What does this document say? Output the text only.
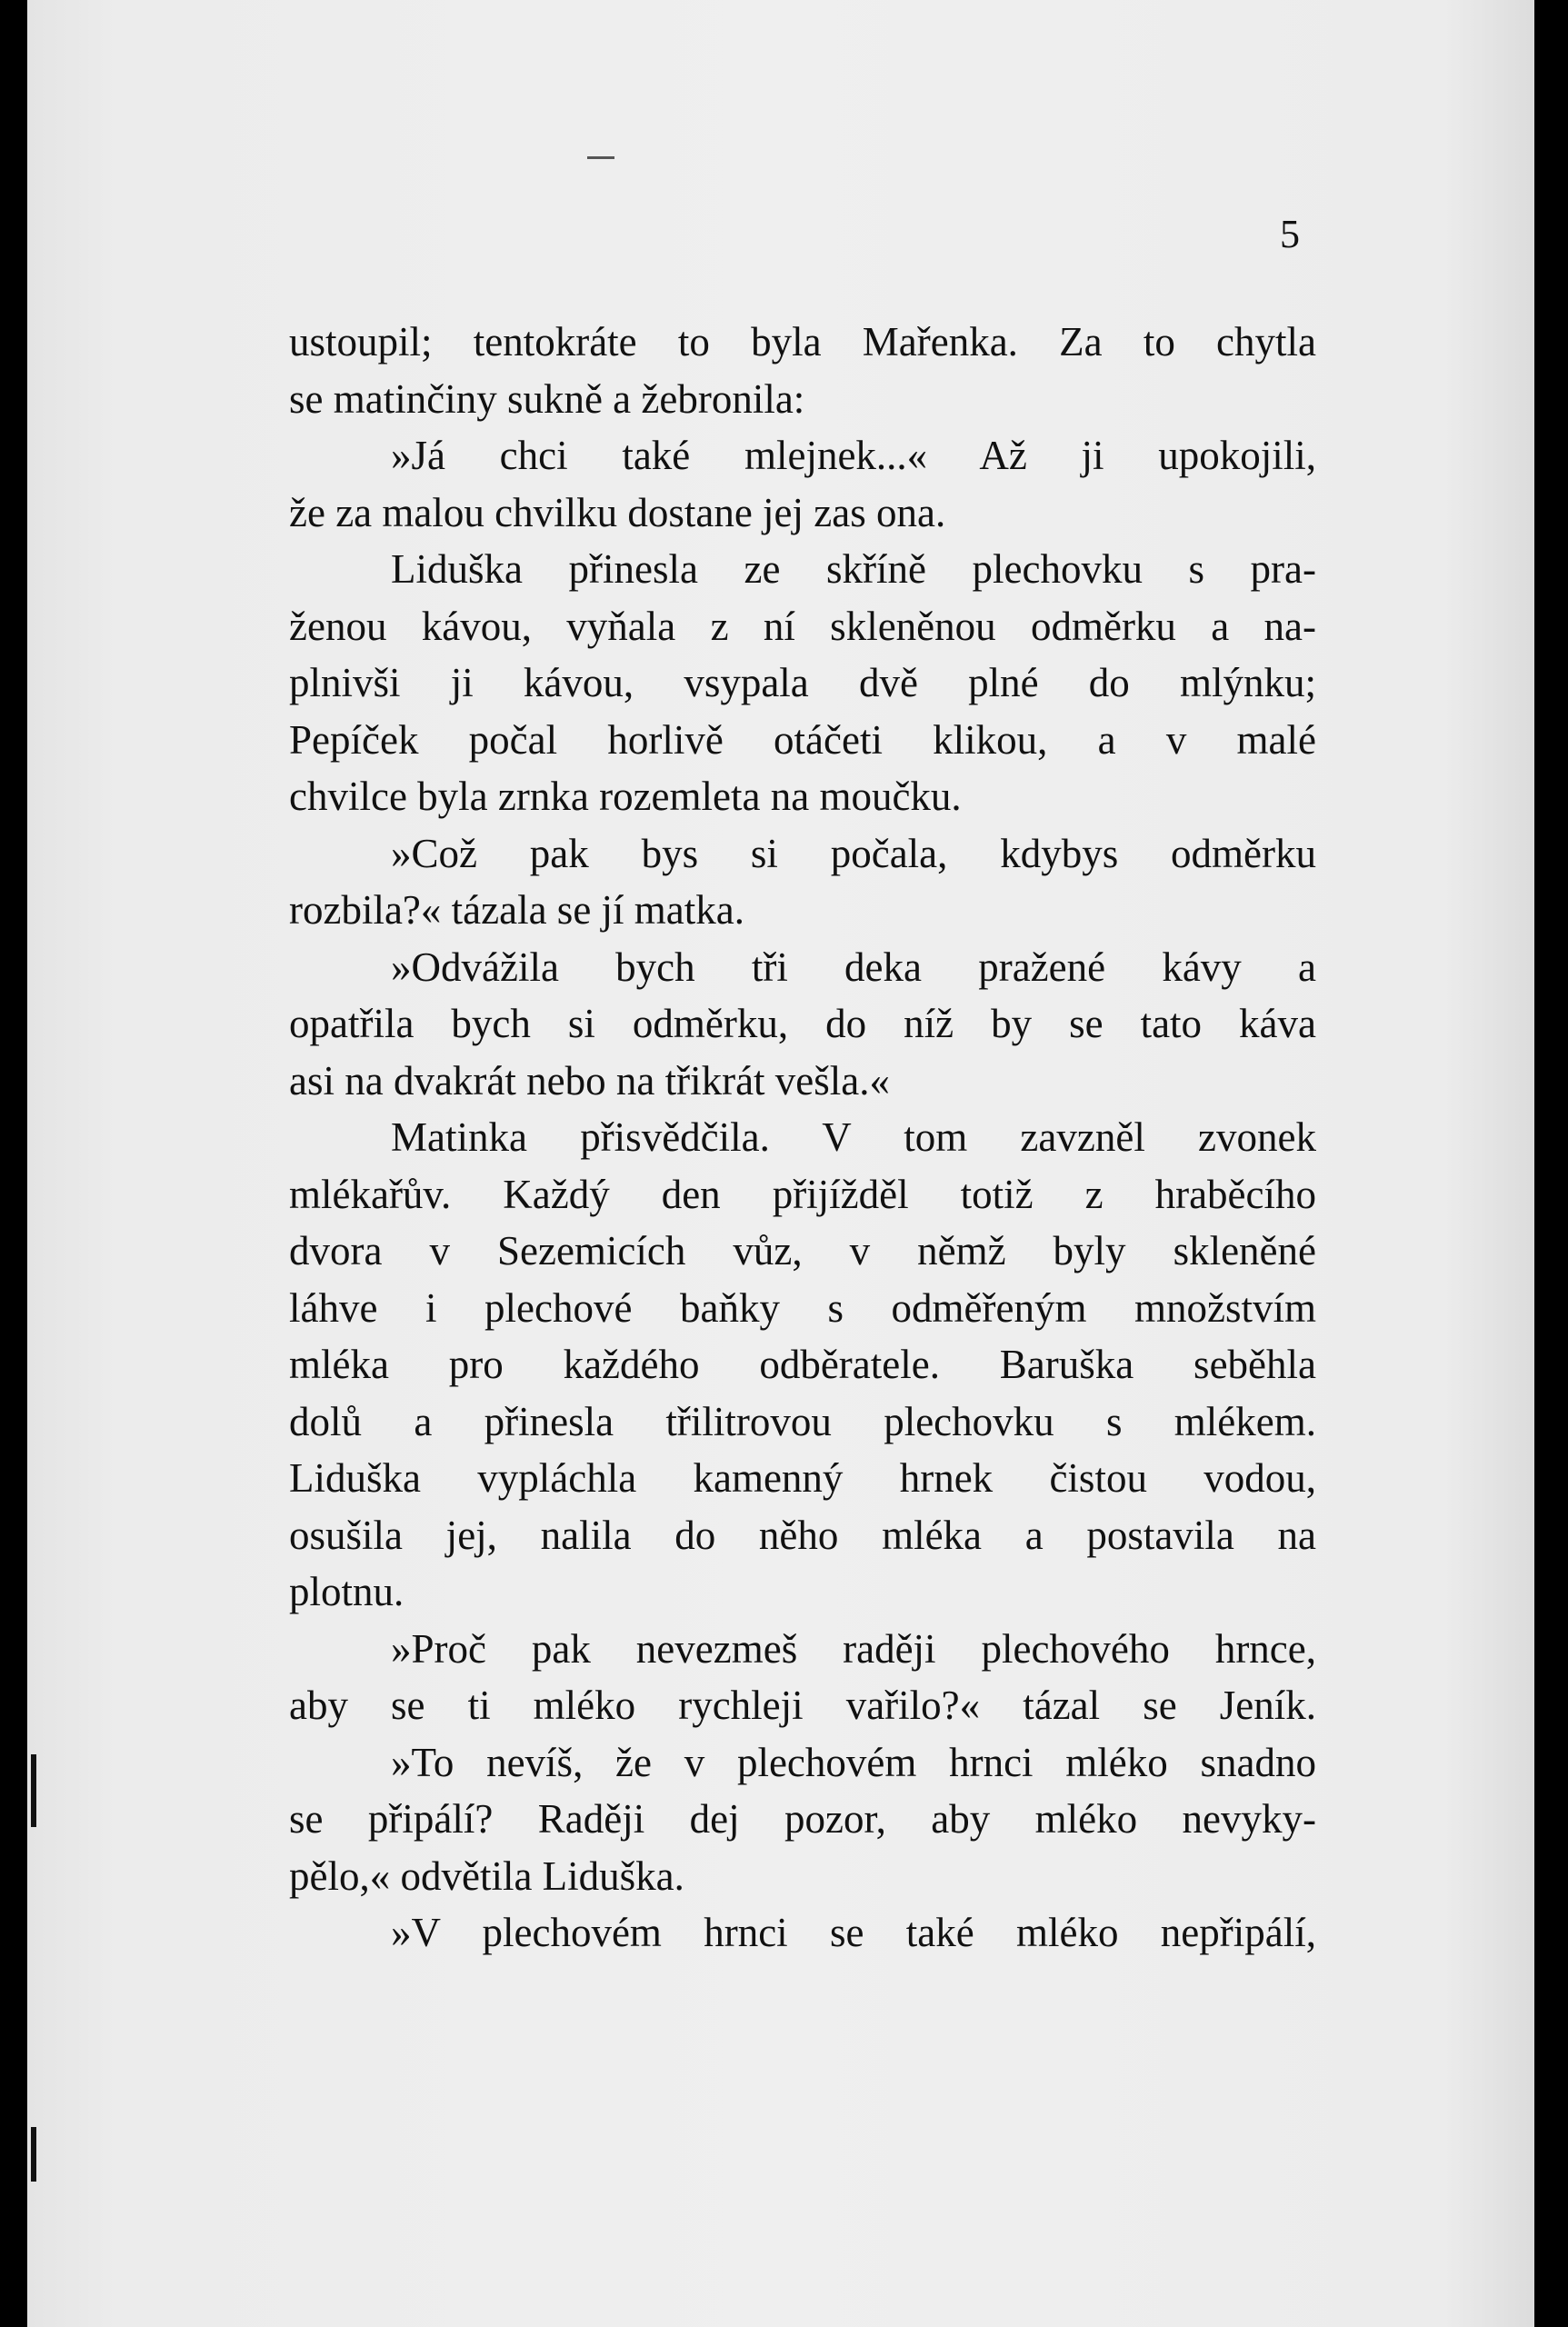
5
ustoupil; tentokráte to byla Mařenka. Za to chytla
se matinčiny sukně a žebronila:
»Já chci také mlejnek...« Až ji upokojili,
že za malou chvilku dostane jej zas ona.
Liduška přinesla ze skříně plechovku s pra-
ženou kávou, vyňala z ní skleněnou odměrku a na-
plnivši ji kávou, vsypala dvě plné do mlýnku;
Pepíček počal horlivě otáčeti klikou, a v malé
chvilce byla zrnka rozemleta na moučku.
»Což pak bys si počala, kdybys odměrku
rozbila?« tázala se jí matka.
»Odvážila bych tři deka pražené kávy a
opatřila bych si odměrku, do níž by se tato káva
asi na dvakrát nebo na třikrát vešla.«
Matinka přisvědčila. V tom zavzněl zvonek
mlékařův. Každý den přijížděl totiž z hraběcího
dvora v Sezemicích vůz, v němž byly skleněné
láhve i plechové baňky s odměřeným množstvím
mléka pro každého odběratele. Baruška seběhla
dolů a přinesla třilitrovou plechovku s mlékem.
Liduška vypláchla kamenný hrnek čistou vodou,
osušila jej, nalila do něho mléka a postavila na
plotnu.
»Proč pak nevezmeš raději plechového hrnce,
aby se ti mléko rychleji vařilo?« tázal se Jeník.
»To nevíš, že v plechovém hrnci mléko snadno
se připálí? Raději dej pozor, aby mléko nevyky-
pělo,« odvětila Liduška.
»V plechovém hrnci se také mléko nepřipálí,
